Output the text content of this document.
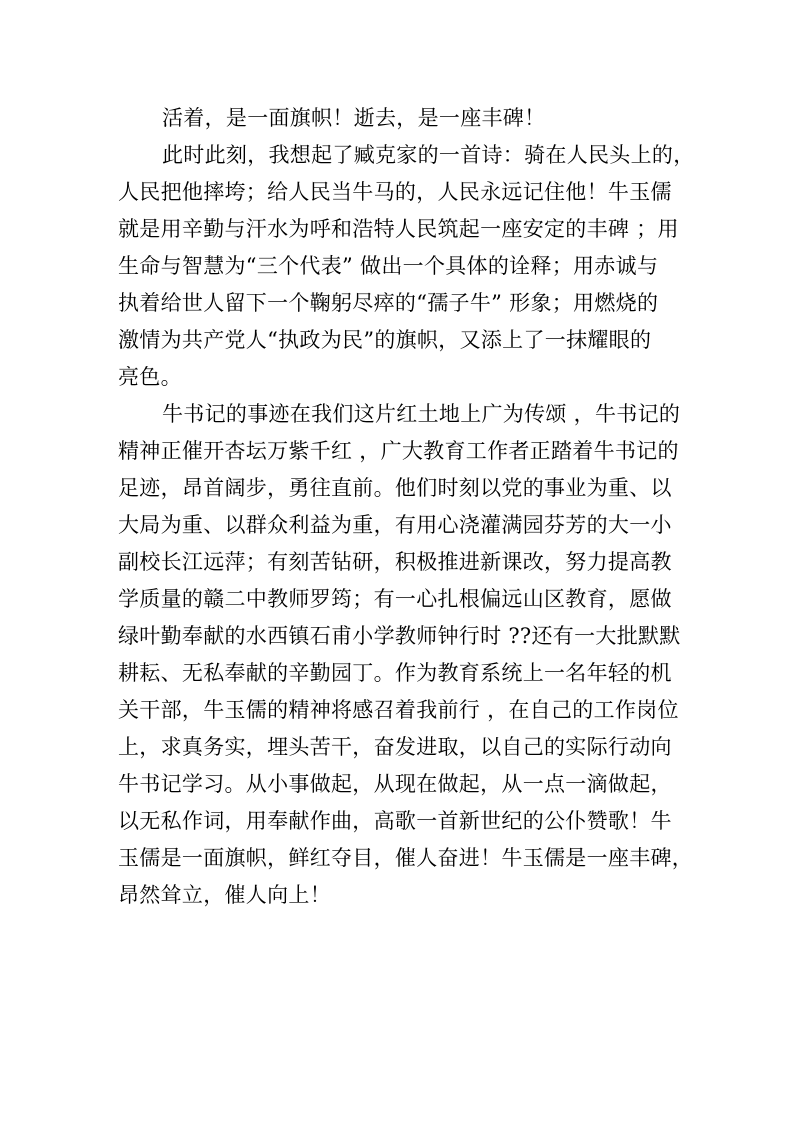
活着，是一面旗帜！逝去，是一座丰碑！
此时此刻，我想起了臧克家的一首诗：骑在人民头上的，
人民把他摔垮；给人民当牛马的，人民永远记住他！牛玉儒
就是用辛勤与汗水为呼和浩特人民筑起一座安定的丰碑 ；用
生命与智慧为“三个代表” 做出一个具体的诠释；用赤诚与
执着给世人留下一个鞠躬尽瘁的“孺子牛” 形象；用燃烧的
激情为共产党人“执政为民”的旗帜，又添上了一抹耀眼的
亮色。
牛书记的事迹在我们这片红土地上广为传颂 ，牛书记的
精神正催开杏坛万紫千红 ，广大教育工作者正踏着牛书记的
足迹，昂首阔步，勇往直前。他们时刻以党的事业为重、以
大局为重、以群众利益为重，有用心浇灌满园芬芳的大一小
副校长江远萍；有刻苦钻研，积极推进新课改，努力提高教
学质量的赣二中教师罗筠；有一心扎根偏远山区教育，愿做
绿叶勤奉献的水西镇石甫小学教师钟行时 ??还有一大批默默
耕耘、无私奉献的辛勤园丁。作为教育系统上一名年轻的机
关干部，牛玉儒的精神将感召着我前行 ，在自己的工作岗位
上，求真务实，埋头苦干，奋发进取，以自己的实际行动向
牛书记学习。从小事做起，从现在做起，从一点一滴做起，
以无私作词，用奉献作曲，高歌一首新世纪的公仆赞歌！牛
玉儒是一面旗帜，鲜红夺目，催人奋进！牛玉儒是一座丰碑，
昂然耸立，催人向上！
